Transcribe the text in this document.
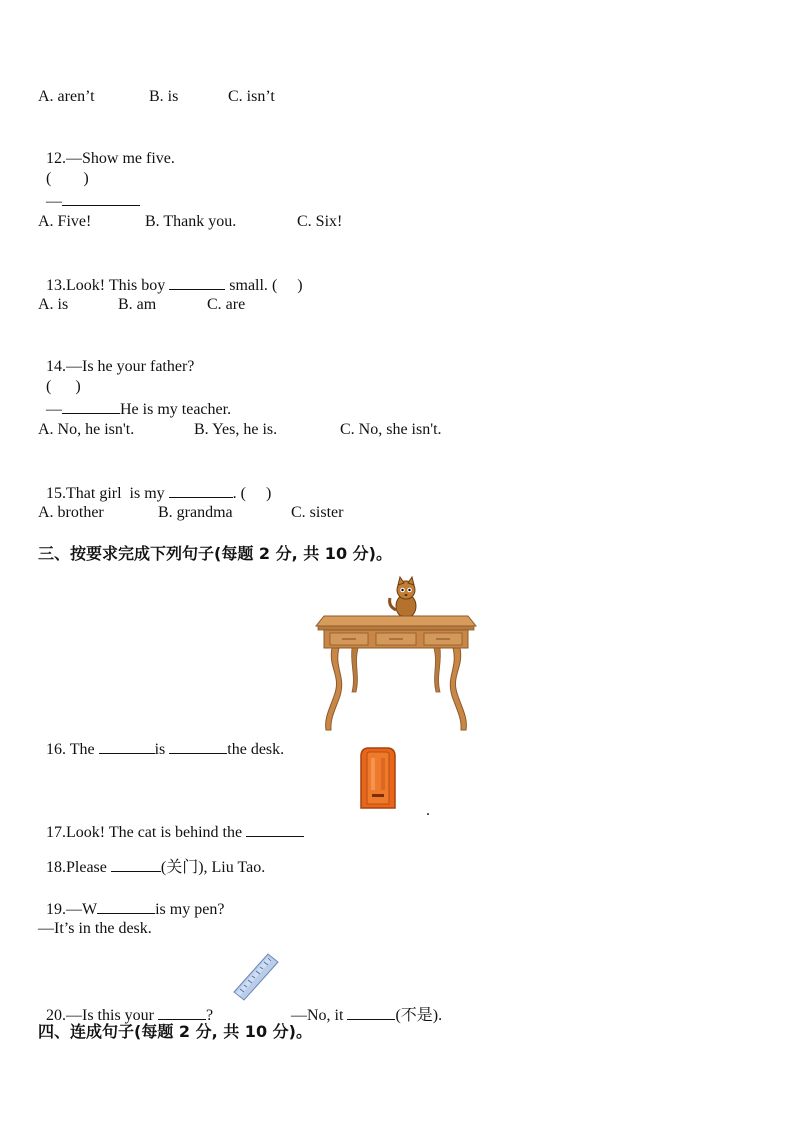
A. aren’t	B. is	C. isn’t

12.—Show me five.
(        )

—

A. Five!	B. Thank you.	C. Six!

13.Look! This boy	small. (     )

A. is	B. am	C. are

14.—Is he your father?
(      )

—	He is my teacher.

A. No, he isn't.	B. Yes, he is.	C. No, she isn't.

15.That girl  is my	. (     )

A. brother	B. grandma	C. sister
三、按要求完成下列句子(每题 2 分, 共 10 分)。

16. The	is	the desk.

17.Look! The cat is behind the

.

18.Please	(关门), Liu Tao.

19.—W	is my pen?

—It’s in the desk.

20.—Is this your	?	—No, it	(不是).

四、连成句子(每题 2 分, 共 10 分)。
